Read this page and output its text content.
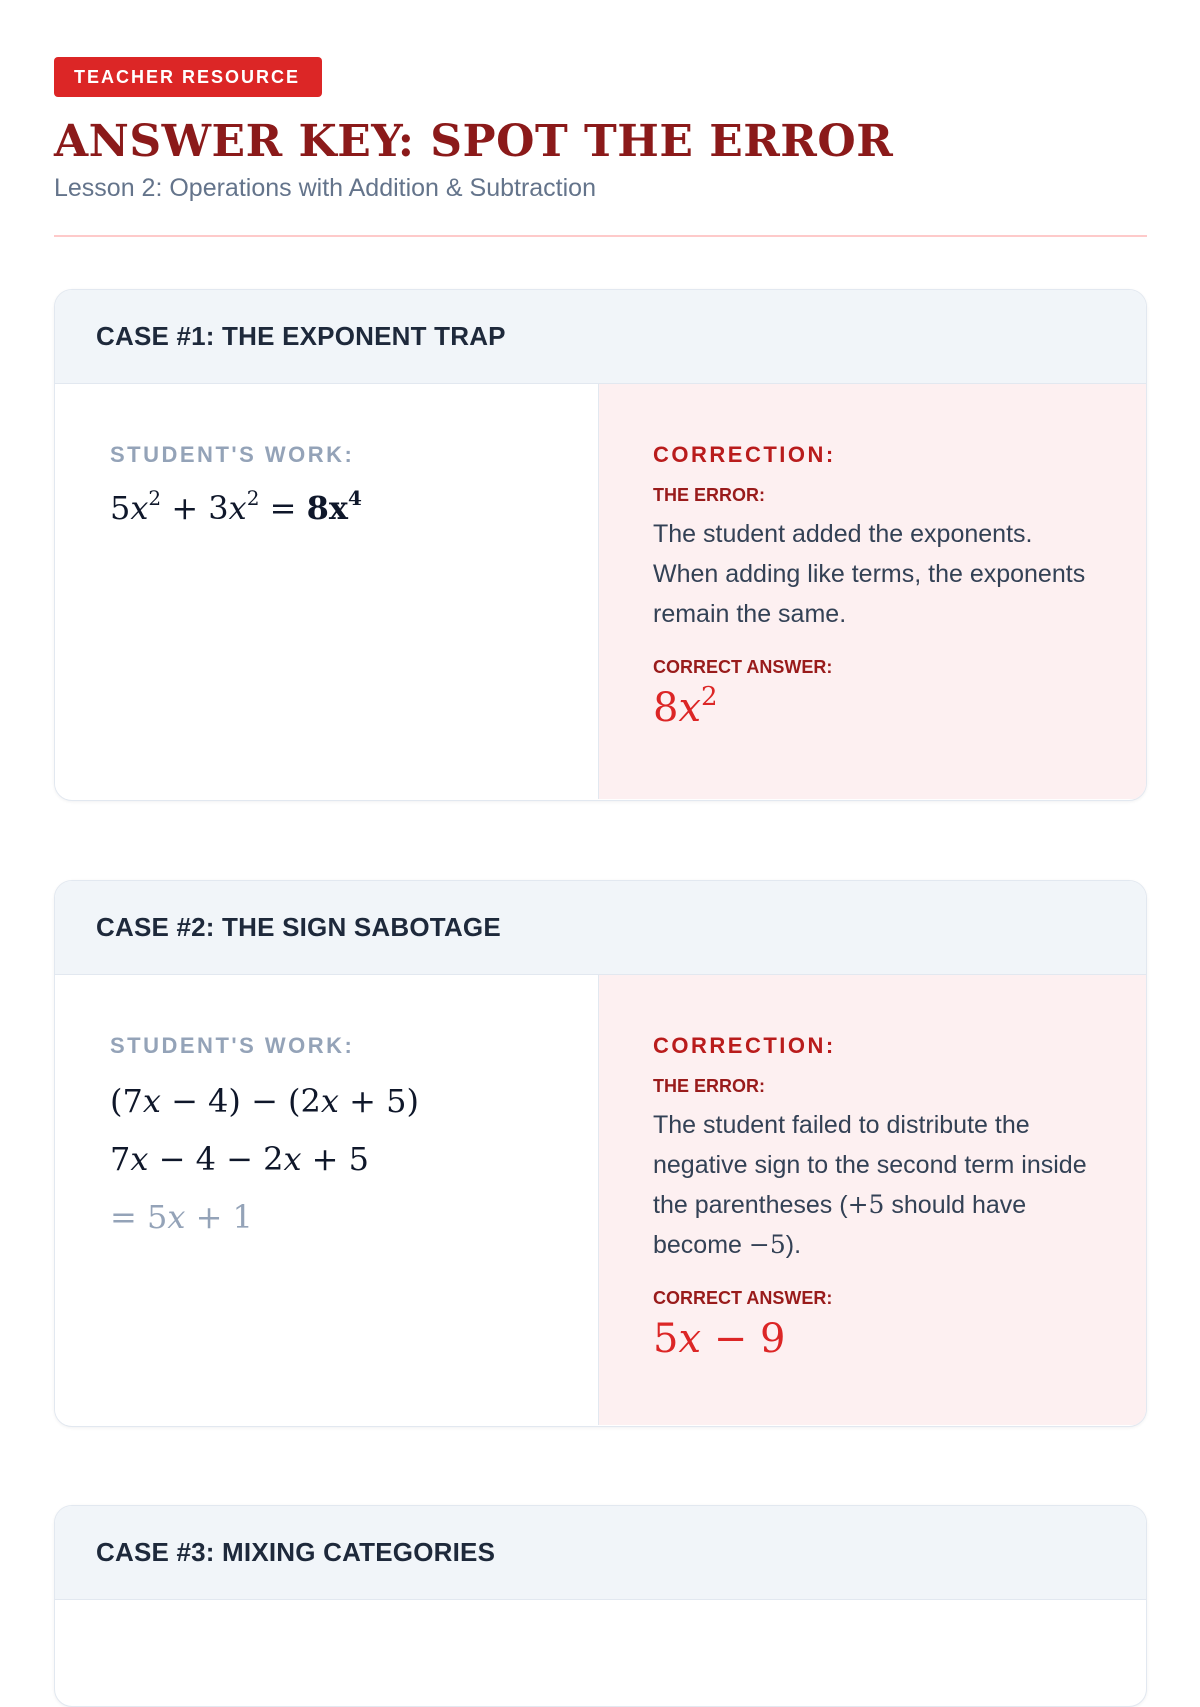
TEACHER RESOURCE
ANSWER KEY: SPOT THE ERROR
Lesson 2: Operations with Addition & Subtraction
CASE #1: THE EXPONENT TRAP
STUDENT'S WORK:
$5x^2 + 3x^2 = 8x^4$
CORRECTION:
THE ERROR:
The student added the exponents. When adding like terms, the exponents remain the same.
CORRECT ANSWER:
$8x^2$
CASE #2: THE SIGN SABOTAGE
STUDENT'S WORK:
(7x − 4) − (2x + 5)
7x − 4 − 2x + 5
= 5x + 1
CORRECTION:
THE ERROR:
The student failed to distribute the negative sign to the second term inside the parentheses (+5 should have become −5).
CORRECT ANSWER:
5x − 9
CASE #3: MIXING CATEGORIES
